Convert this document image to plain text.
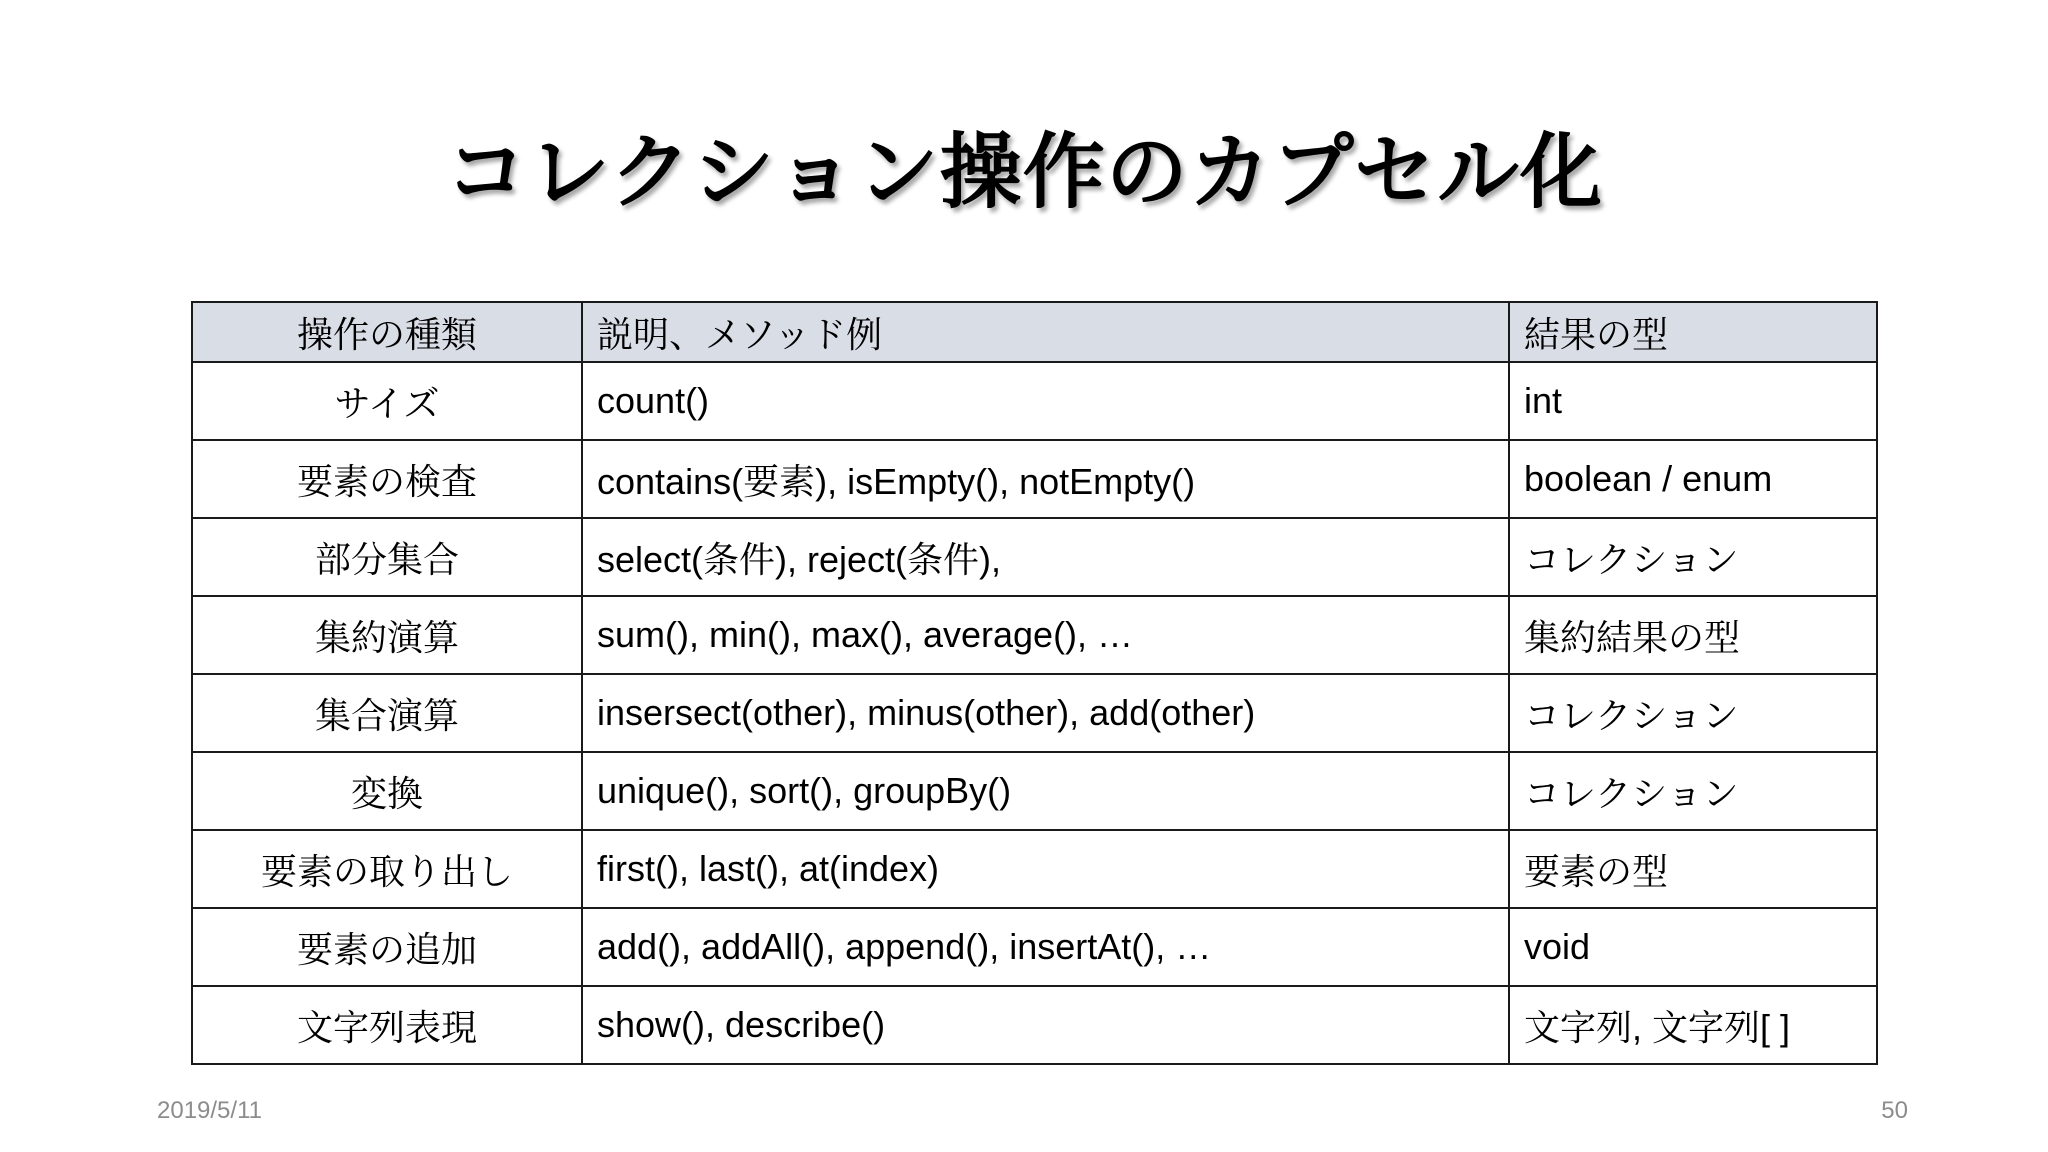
コレクション操作のカプセル化
操作の種類	説明、メソッド例	結果の型
サイズ	count()	int
要素の検査	contains(要素), isEmpty(), notEmpty()	boolean / enum
部分集合	select(条件), reject(条件),	コレクション
集約演算	sum(), min(), max(), average(), …	集約結果の型
集合演算	insersect(other), minus(other), add(other)	コレクション
変換	unique(), sort(), groupBy()	コレクション
要素の取り出し	first(), last(), at(index)	要素の型
要素の追加	add(), addAll(), append(), insertAt(), …	void
文字列表現	show(), describe()	文字列, 文字列[ ]
2019/5/11	50
